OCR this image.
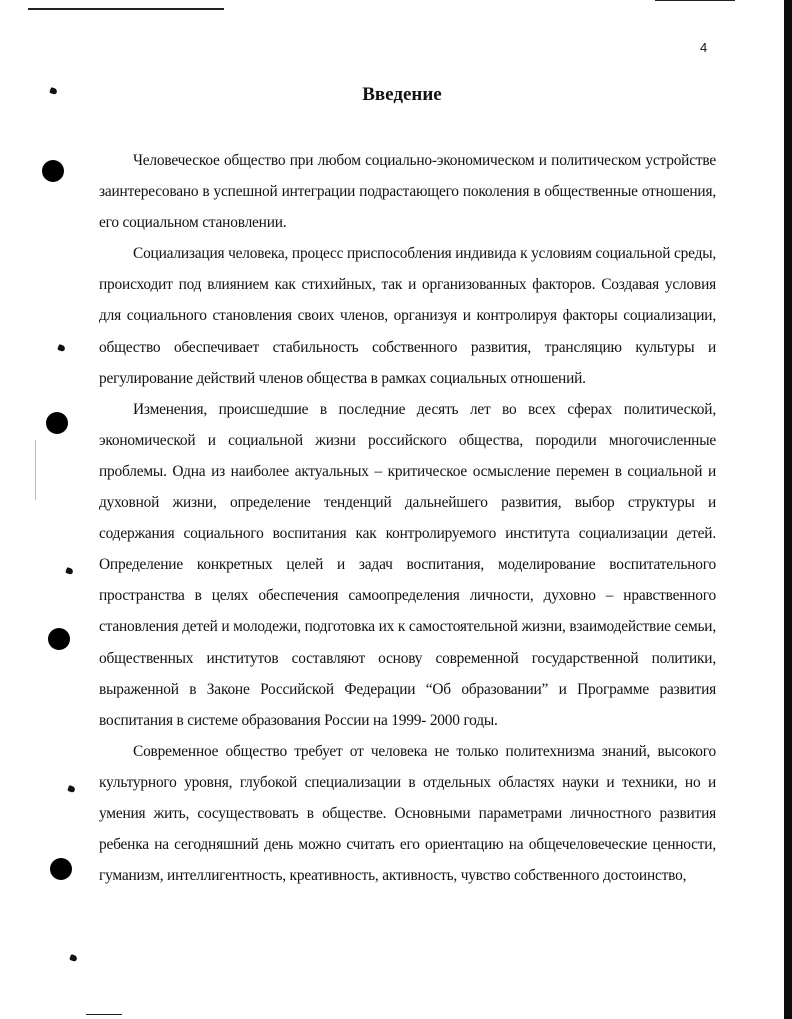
4
Введение

Человеческое общество при любом социально-экономическом и политическом устройстве заинтересовано в успешной интеграции подрастающего поколения в общественные отношения, его социальном становлении.

Социализация человека, процесс приспособления индивида к условиям социальной среды, происходит под влиянием как стихийных, так и организованных факторов. Создавая условия для социального становления своих членов, организуя и контролируя факторы социализации, общество обеспечивает стабильность собственного развития, трансляцию культуры и регулирование действий членов общества в рамках социальных отношений.

Изменения, происшедшие в последние десять лет во всех сферах политической, экономической и социальной жизни российского общества, породили многочисленные проблемы. Одна из наиболее актуальных – критическое осмысление перемен в социальной и духовной жизни, определение тенденций дальнейшего развития, выбор структуры и содержания социального воспитания как контролируемого института социализации детей. Определение конкретных целей и задач воспитания, моделирование воспитательного пространства в целях обеспечения самоопределения личности, духовно – нравственного становления детей и молодежи, подготовка их к самостоятельной жизни, взаимодействие семьи, общественных институтов составляют основу современной государственной политики, выраженной в Законе Российской Федерации “Об образовании” и Программе развития воспитания в системе образования России на 1999- 2000 годы.

Современное общество требует от человека не только политехнизма знаний, высокого культурного уровня, глубокой специализации в отдельных областях науки и техники, но и умения жить, сосуществовать в обществе. Основными параметрами личностного развития ребенка на сегодняшний день можно считать его ориентацию на общечеловеческие ценности, гуманизм, интеллигентность, креативность, активность, чувство собственного достоинство,
